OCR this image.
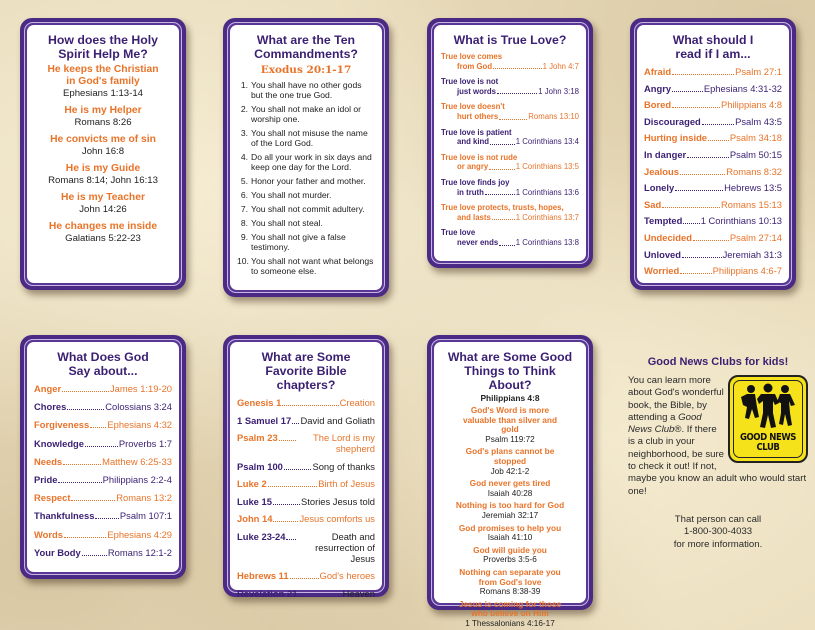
How does the Holy Spirit Help Me?
He keeps the Christian in God's family
Ephesians 1:13-14
He is my Helper
Romans 8:26
He convicts me of sin
John 16:8
He is my Guide
Romans 8:14; John 16:13
He is my Teacher
John 14:26
He changes me inside
Galatians 5:22-23
What are the Ten Commandments?
Exodus 20:1-17
1. You shall have no other gods but the one true God.
2. You shall not make an idol or worship one.
3. You shall not misuse the name of the Lord God.
4. Do all your work in six days and keep one day for the Lord.
5. Honor your father and mother.
6. You shall not murder.
7. You shall not commit adultery.
8. You shall not steal.
9. You shall not give a false testimony.
10. You shall not want what belongs to someone else.
What is True Love?
True love comes
from God	1 John 4:7
True love is not
just words	1 John 3:18
True love doesn't
hurt others	Romans 13:10
True love is patient
and kind	1 Corinthians 13:4
True love is not rude
or angry	1 Corinthians 13:5
True love finds joy
in truth	1 Corinthians 13:6
True love protects, trusts, hopes,
and lasts	1 Corinthians 13:7
True love
never ends 1 Corinthians 13:8
What should I read if I am...
Afraid	Psalm 27:1
Angry	Ephesians 4:31-32
Bored	Philippians 4:8
Discouraged	Psalm 43:5
Hurting inside Psalm 34:18
In danger	Psalm 50:15
Jealous	Romans 8:32
Lonely	Hebrews 13:5
Sad	Romans 15:13
Tempted 1 Corinthians 10:13
Undecided	Psalm 27:14
Unloved	Jeremiah 31:3
Worried	Philippians 4:6-7
What Does God Say about...
Anger	James 1:19-20
Chores	Colossians 3:24
Forgiveness Ephesians 4:32
Knowledge	Proverbs 1:7
Needs	Matthew 6:25-33
Pride	Philippians 2:2-4
Respect	Romans 13:2
Thankfulness	Psalm 107:1
Words	Ephesians 4:29
Your Body	Romans 12:1-2
What are Some Favorite Bible chapters?
Genesis 1	Creation
1 Samuel 17 David and Goliath
Psalm 23	The Lord is my shepherd
Psalm 100	Song of thanks
Luke 2	Birth of Jesus
Luke 15	Stories Jesus told
John 14	Jesus comforts us
Luke 23-24	Death and resurrection of Jesus
Hebrews 11	God's heroes
Revelation 21	Heaven
What are Some Good Things to Think About?
Philippians 4:8
God's Word is more valuable than silver and gold
Psalm 119:72
God's plans cannot be stopped
Job 42:1-2
God never gets tired
Isaiah 40:28
Nothing is too hard for God
Jeremiah 32:17
God promises to help you
Isaiah 41:10
God will guide you
Proverbs 3:5-6
Nothing can separate you from God's love
Romans 8:38-39
Jesus is coming for those who believe on Him
1 Thessalonians 4:16-17
Good News Clubs for kids!
GOOD NEWS
CLUB
You can learn more about God's wonderful book, the Bible, by attending a Good News Club®. If there is a club in your neighborhood, be sure to check it out! If not, maybe you know an adult who would start one!
That person can call
1-800-300-4033
for more information.
